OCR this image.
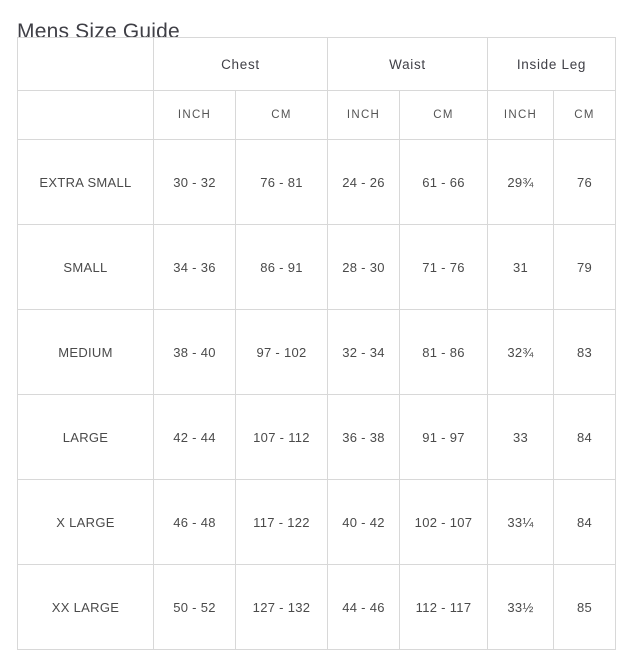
Mens Size Guide
	Chest		Waist		Inside Leg	
	INCH	CM	INCH	CM	INCH	CM
EXTRA SMALL	30 - 32	76 - 81	24 - 26	61 - 66	29¾	76
SMALL	34 - 36	86 - 91	28 - 30	71 - 76	31	79
MEDIUM	38 - 40	97 - 102	32 - 34	81 - 86	32¾	83
LARGE	42 - 44	107 - 112	36 - 38	91 - 97	33	84
X LARGE	46 - 48	117 - 122	40 - 42	102 - 107	33¼	84
XX LARGE	50 - 52	127 - 132	44 - 46	112 - 117	33½	85
